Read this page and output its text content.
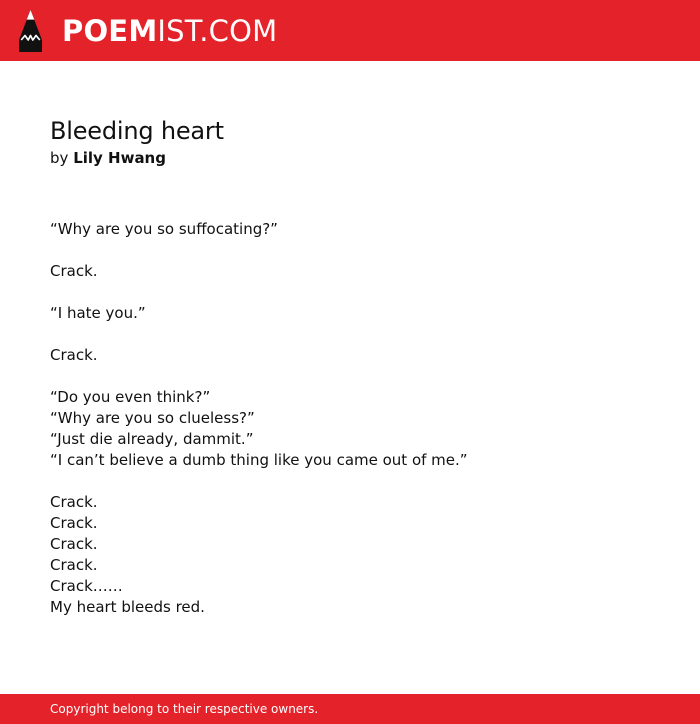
POEMIST.COM
Bleeding heart
by Lily Hwang
“Why are you so suffocating?”
Crack.
“I hate you.”
Crack.
“Do you even think?”
“Why are you so clueless?”
“Just die already, dammit.”
“I can’t believe a dumb thing like you came out of me.”
Crack.
Crack.
Crack.
Crack.
Crack……
My heart bleeds red.
Copyright belong to their respective owners.
